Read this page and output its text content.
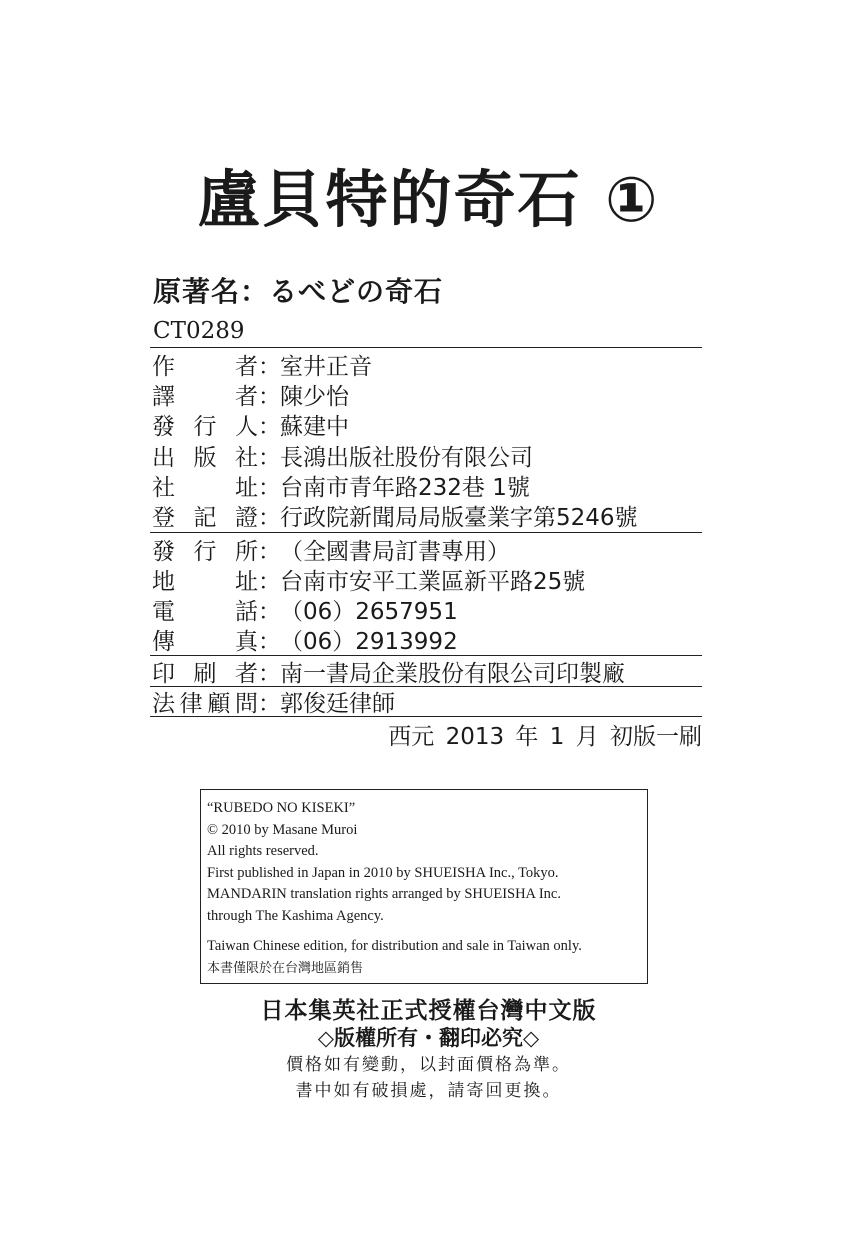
盧貝特的奇石 ①
原著名：るべどの奇石
CT0289
作者 ： 室井正音
譯者 ： 陳少怡
發行人 ： 蘇建中
出版社 ： 長鴻出版社股份有限公司
社址 ： 台南市青年路232巷 1號
登記證 ： 行政院新聞局局版臺業字第5246號
發行所 ： （全國書局訂書專用）
地址 ： 台南市安平工業區新平路25號
電話 ： （06）2657951
傳真 ： （06）2913992
印刷者 ： 南一書局企業股份有限公司印製廠
法律顧問 ： 郭俊廷律師
西元 2013 年 1 月 初版一刷
“RUBEDO NO KISEKI”
© 2010 by Masane Muroi
All rights reserved.
First published in Japan in 2010 by SHUEISHA Inc., Tokyo.
MANDARIN translation rights arranged by SHUEISHA Inc.
through The Kashima Agency.
Taiwan Chinese edition, for distribution and sale in Taiwan only.
本書僅限於在台灣地區銷售
日本集英社正式授權台灣中文版
◇版權所有・翻印必究◇
價格如有變動，以封面價格為準。
書中如有破損處，請寄回更換。
